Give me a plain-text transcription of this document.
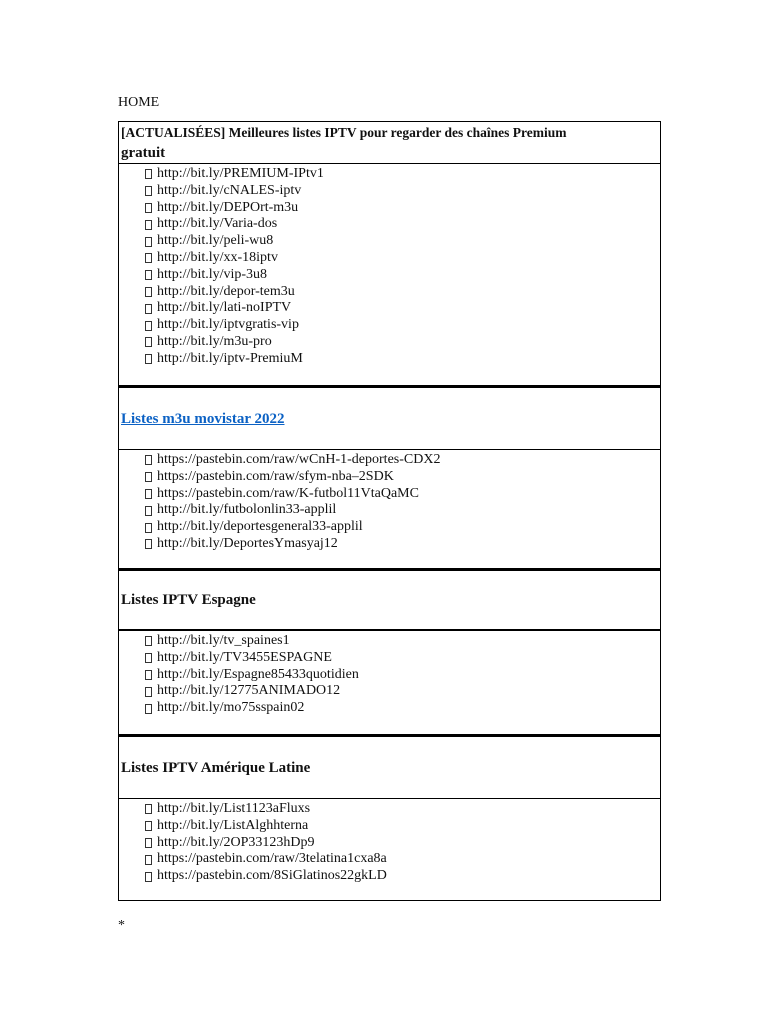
HOME
[ACTUALISÉES] Meilleures listes IPTV pour regarder des chaînes Premium
gratuit
http://bit.ly/PREMIUM-IPtv1
http://bit.ly/cNALES-iptv
http://bit.ly/DEPOrt-m3u
http://bit.ly/Varia-dos
http://bit.ly/peli-wu8
http://bit.ly/xx-18iptv
http://bit.ly/vip-3u8
http://bit.ly/depor-tem3u
http://bit.ly/lati-noIPTV
http://bit.ly/iptvgratis-vip
http://bit.ly/m3u-pro
http://bit.ly/iptv-PremiuM
Listes m3u movistar 2022
https://pastebin.com/raw/wCnH-1-deportes-CDX2
https://pastebin.com/raw/sfym-nba–2SDK
https://pastebin.com/raw/K-futbol11VtaQaMC
http://bit.ly/futbolonlin33-applil
http://bit.ly/deportesgeneral33-applil
http://bit.ly/DeportesYmasyaj12
Listes IPTV Espagne
http://bit.ly/tv_spaines1
http://bit.ly/TV3455ESPAGNE
http://bit.ly/Espagne85433quotidien
http://bit.ly/12775ANIMADO12
http://bit.ly/mo75sspain02
Listes IPTV Amérique Latine
http://bit.ly/List1123aFluxs
http://bit.ly/ListAlghhterna
http://bit.ly/2OP33123hDp9
https://pastebin.com/raw/3telatina1cxa8a
https://pastebin.com/8SiGlatinos22gkLD
*
